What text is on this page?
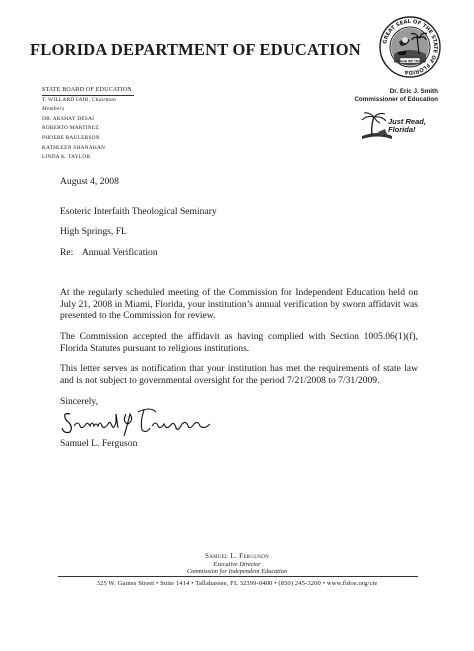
FLORIDA DEPARTMENT OF EDUCATION	GREAT SEAL OF THE STATE OF FLORIDA
IN GOD WE TRUST
Dr. Eric J. Smith
Commissioner of Education
Just Read,
Florida!
STATE BOARD OF EDUCATION
T. WILLARD FAIR, Chairman
Members
DR. AKSHAY DESAI
ROBERTO MARTINEZ
PHOEBE RAULERSON
KATHLEEN SHANAHAN
LINDA K. TAYLOR
August 4, 2008
Esoteric Interfaith Theological Seminary
High Springs, FL
Re: Annual Verification
At the regularly scheduled meeting of the Commission for Independent Education held on July 21, 2008 in Miami, Florida, your institution’s annual verification by sworn affidavit was presented to the Commission for review.
The Commission accepted the affidavit as having complied with Section 1005.06(1)(f), Florida Statutes pursuant to religious institutions.
This letter serves as notification that your institution has met the requirements of state law and is not subject to governmental oversight for the period 7/21/2008 to 7/31/2009.
Sincerely,
Samuel L. Ferguson
Samuel L. Ferguson
Executive Director
Commission for Independent Education
325 W. Gaines Street • Suite 1414 • Tallahassee, FL 32399-0400 • (850) 245-3200 • www.fldoe.org/cie
